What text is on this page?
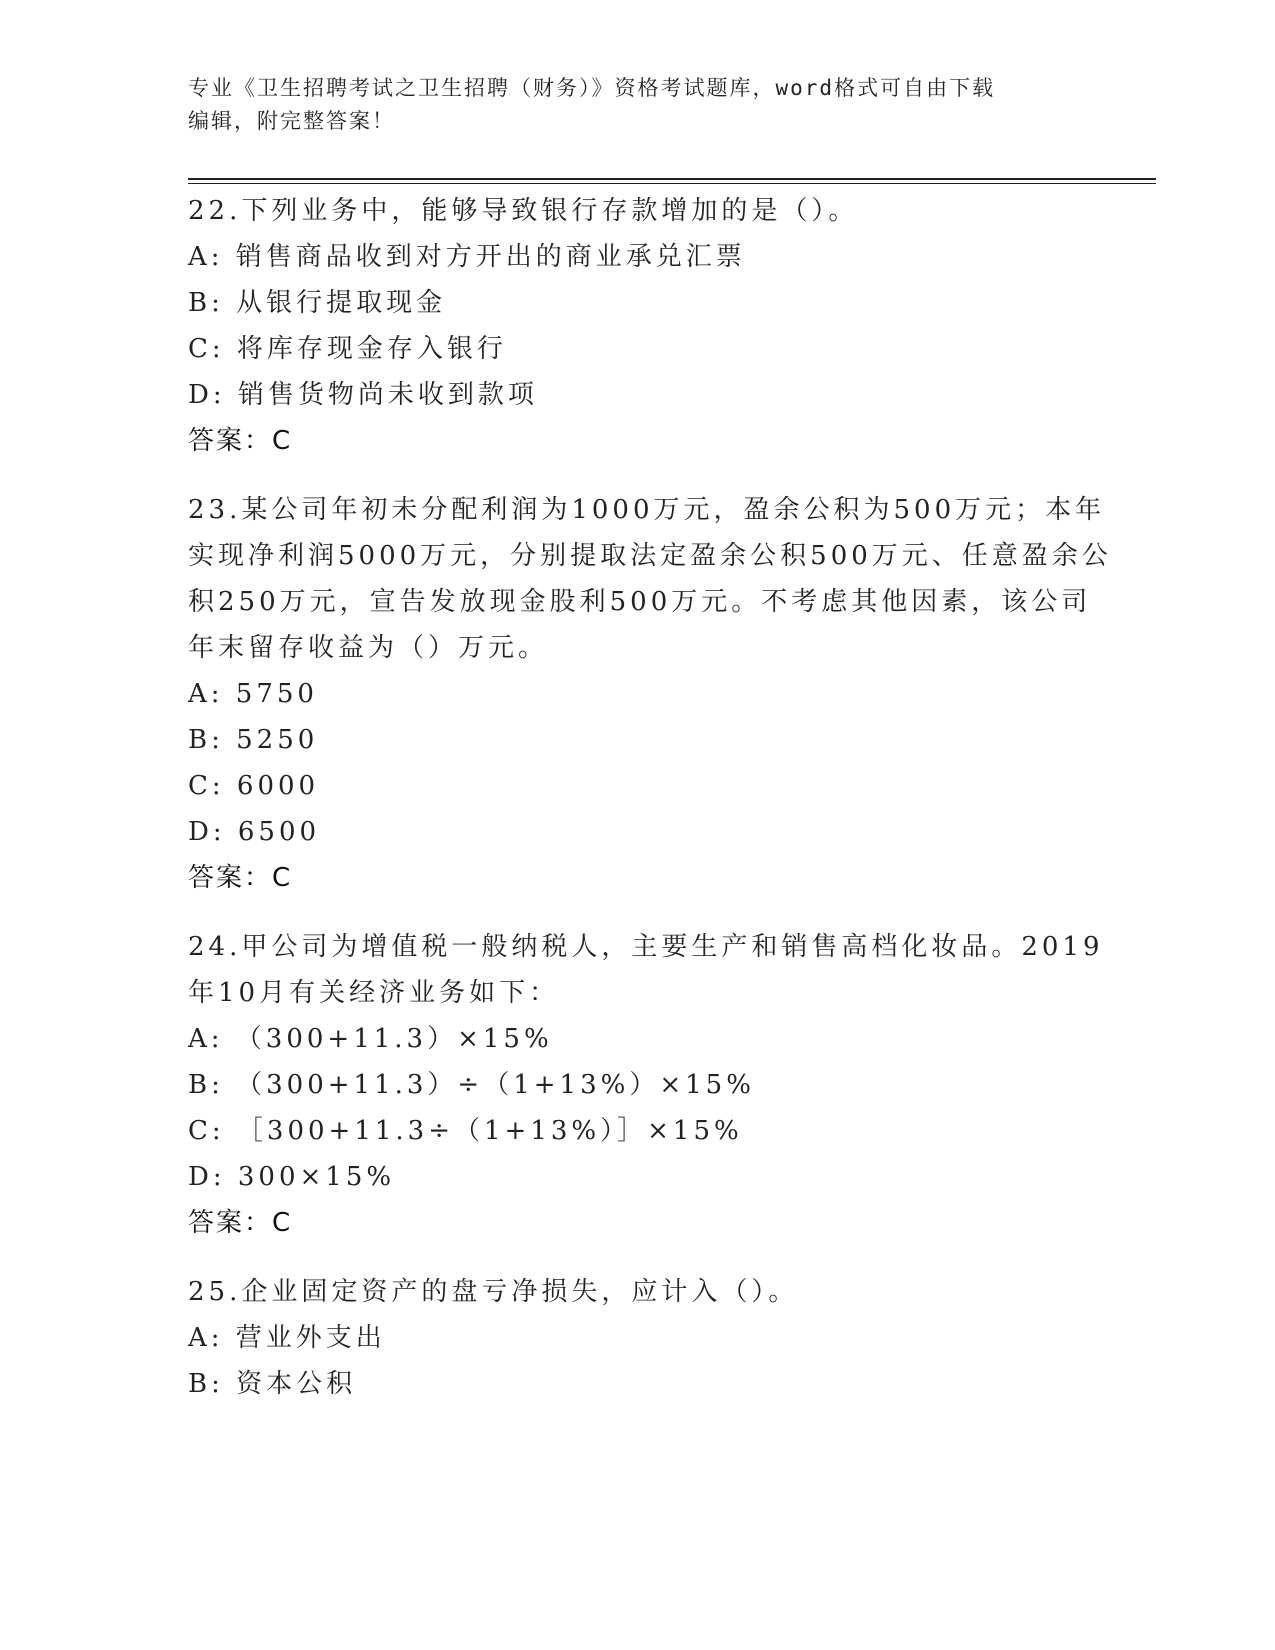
专业《卫生招聘考试之卫生招聘（财务）》资格考试题库，word格式可自由下载
编辑，附完整答案！
22.下列业务中，能够导致银行存款增加的是（）。
A: 销售商品收到对方开出的商业承兑汇票
B: 从银行提取现金
C: 将库存现金存入银行
D: 销售货物尚未收到款项
答案：C
23.某公司年初未分配利润为1000万元，盈余公积为500万元；本年
实现净利润5000万元，分别提取法定盈余公积500万元、任意盈余公
积250万元，宣告发放现金股利500万元。不考虑其他因素，该公司
年末留存收益为（）万元。
A: 5750
B: 5250
C: 6000
D: 6500
答案：C
24.甲公司为增值税一般纳税人，主要生产和销售高档化妆品。2019
年10月有关经济业务如下：
A: （300+11.3）×15%
B: （300+11.3）÷（1+13%）×15%
C: ［300+11.3÷（1+13%）］×15%
D: 300×15%
答案：C
25.企业固定资产的盘亏净损失，应计入（）。
A: 营业外支出
B: 资本公积
